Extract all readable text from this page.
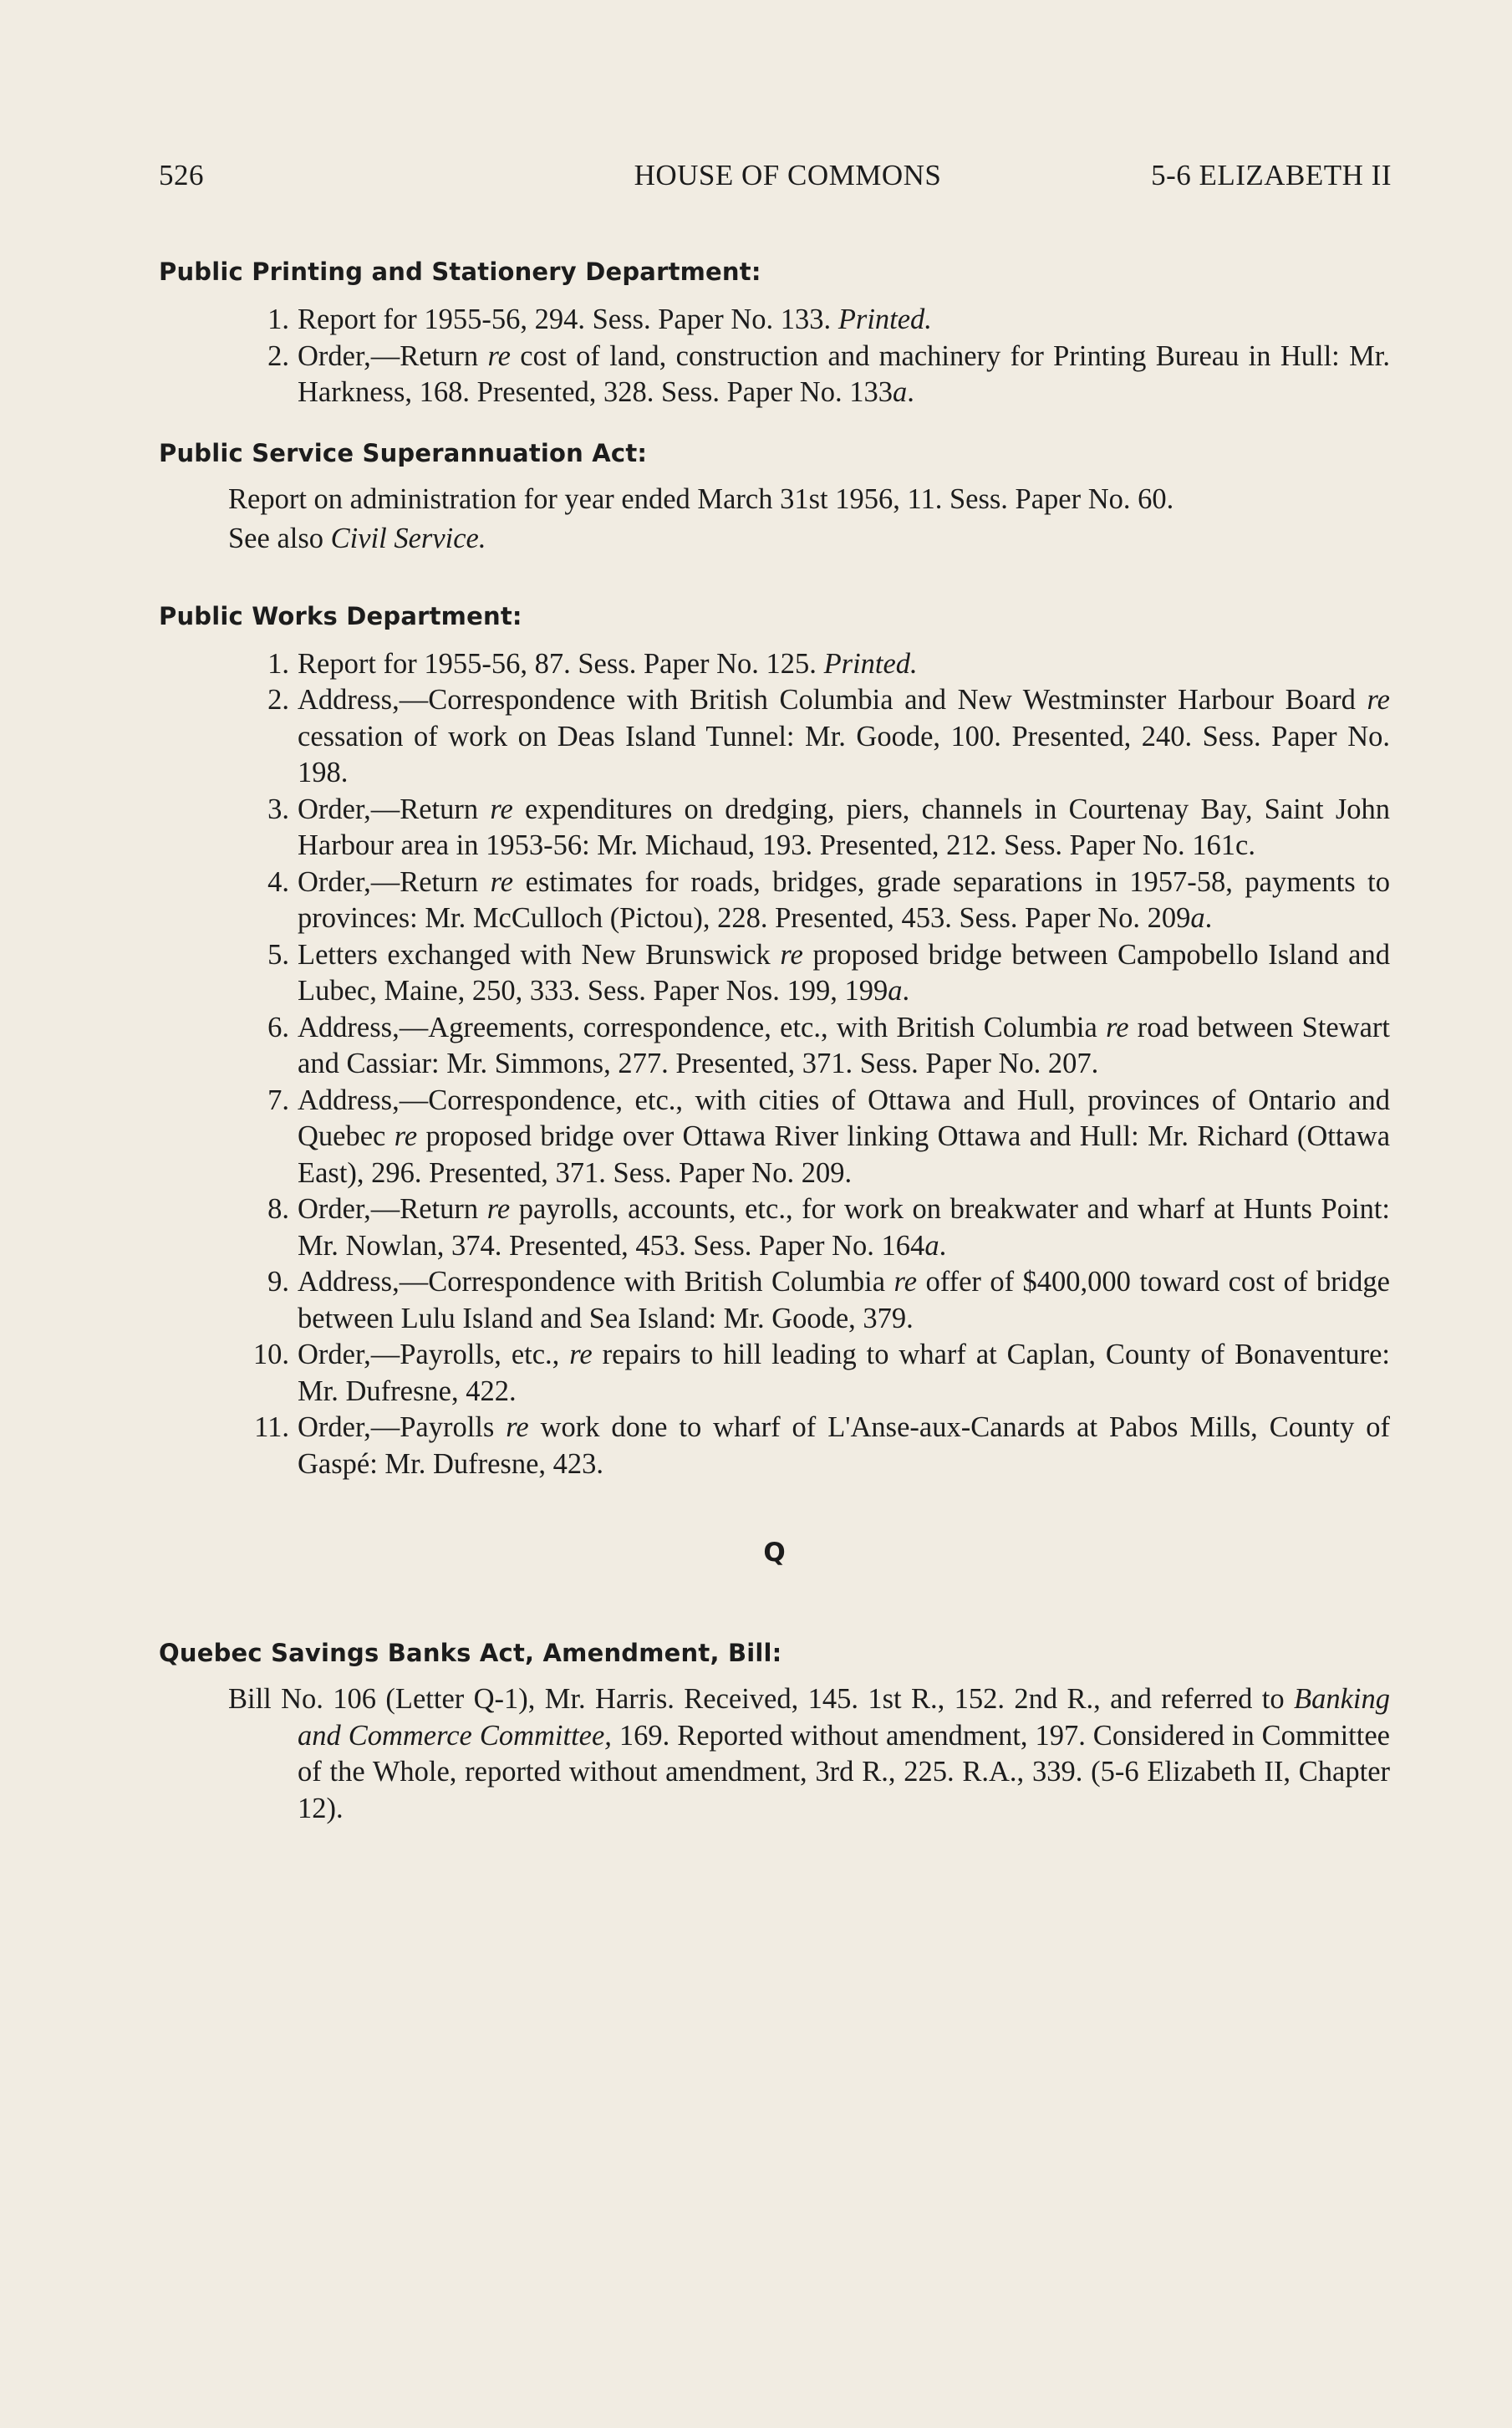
526	HOUSE OF COMMONS	5-6 ELIZABETH II
Public Printing and Stationery Department:
1. Report for 1955-56, 294. Sess. Paper No. 133. Printed.
2. Order,—Return re cost of land, construction and machinery for Printing Bureau in Hull: Mr. Harkness, 168. Presented, 328. Sess. Paper No. 133a.
Public Service Superannuation Act:
Report on administration for year ended March 31st 1956, 11. Sess. Paper No. 60.
See also Civil Service.
Public Works Department:
1. Report for 1955-56, 87. Sess. Paper No. 125. Printed.
2. Address,—Correspondence with British Columbia and New Westminster Harbour Board re cessation of work on Deas Island Tunnel: Mr. Goode, 100. Presented, 240. Sess. Paper No. 198.
3. Order,—Return re expenditures on dredging, piers, channels in Courtenay Bay, Saint John Harbour area in 1953-56: Mr. Michaud, 193. Presented, 212. Sess. Paper No. 161c.
4. Order,—Return re estimates for roads, bridges, grade separations in 1957-58, payments to provinces: Mr. McCulloch (Pictou), 228. Presented, 453. Sess. Paper No. 209a.
5. Letters exchanged with New Brunswick re proposed bridge between Campobello Island and Lubec, Maine, 250, 333. Sess. Paper Nos. 199, 199a.
6. Address,—Agreements, correspondence, etc., with British Columbia re road between Stewart and Cassiar: Mr. Simmons, 277. Presented, 371. Sess. Paper No. 207.
7. Address,—Correspondence, etc., with cities of Ottawa and Hull, provinces of Ontario and Quebec re proposed bridge over Ottawa River linking Ottawa and Hull: Mr. Richard (Ottawa East), 296. Presented, 371. Sess. Paper No. 209.
8. Order,—Return re payrolls, accounts, etc., for work on breakwater and wharf at Hunts Point: Mr. Nowlan, 374. Presented, 453. Sess. Paper No. 164a.
9. Address,—Correspondence with British Columbia re offer of $400,000 toward cost of bridge between Lulu Island and Sea Island: Mr. Goode, 379.
10. Order,—Payrolls, etc., re repairs to hill leading to wharf at Caplan, County of Bonaventure: Mr. Dufresne, 422.
11. Order,—Payrolls re work done to wharf of L'Anse-aux-Canards at Pabos Mills, County of Gaspé: Mr. Dufresne, 423.
Q
Quebec Savings Banks Act, Amendment, Bill:
Bill No. 106 (Letter Q-1), Mr. Harris. Received, 145. 1st R., 152. 2nd R., and referred to Banking and Commerce Committee, 169. Reported without amendment, 197. Considered in Committee of the Whole, reported without amendment, 3rd R., 225. R.A., 339. (5-6 Elizabeth II, Chapter 12).
